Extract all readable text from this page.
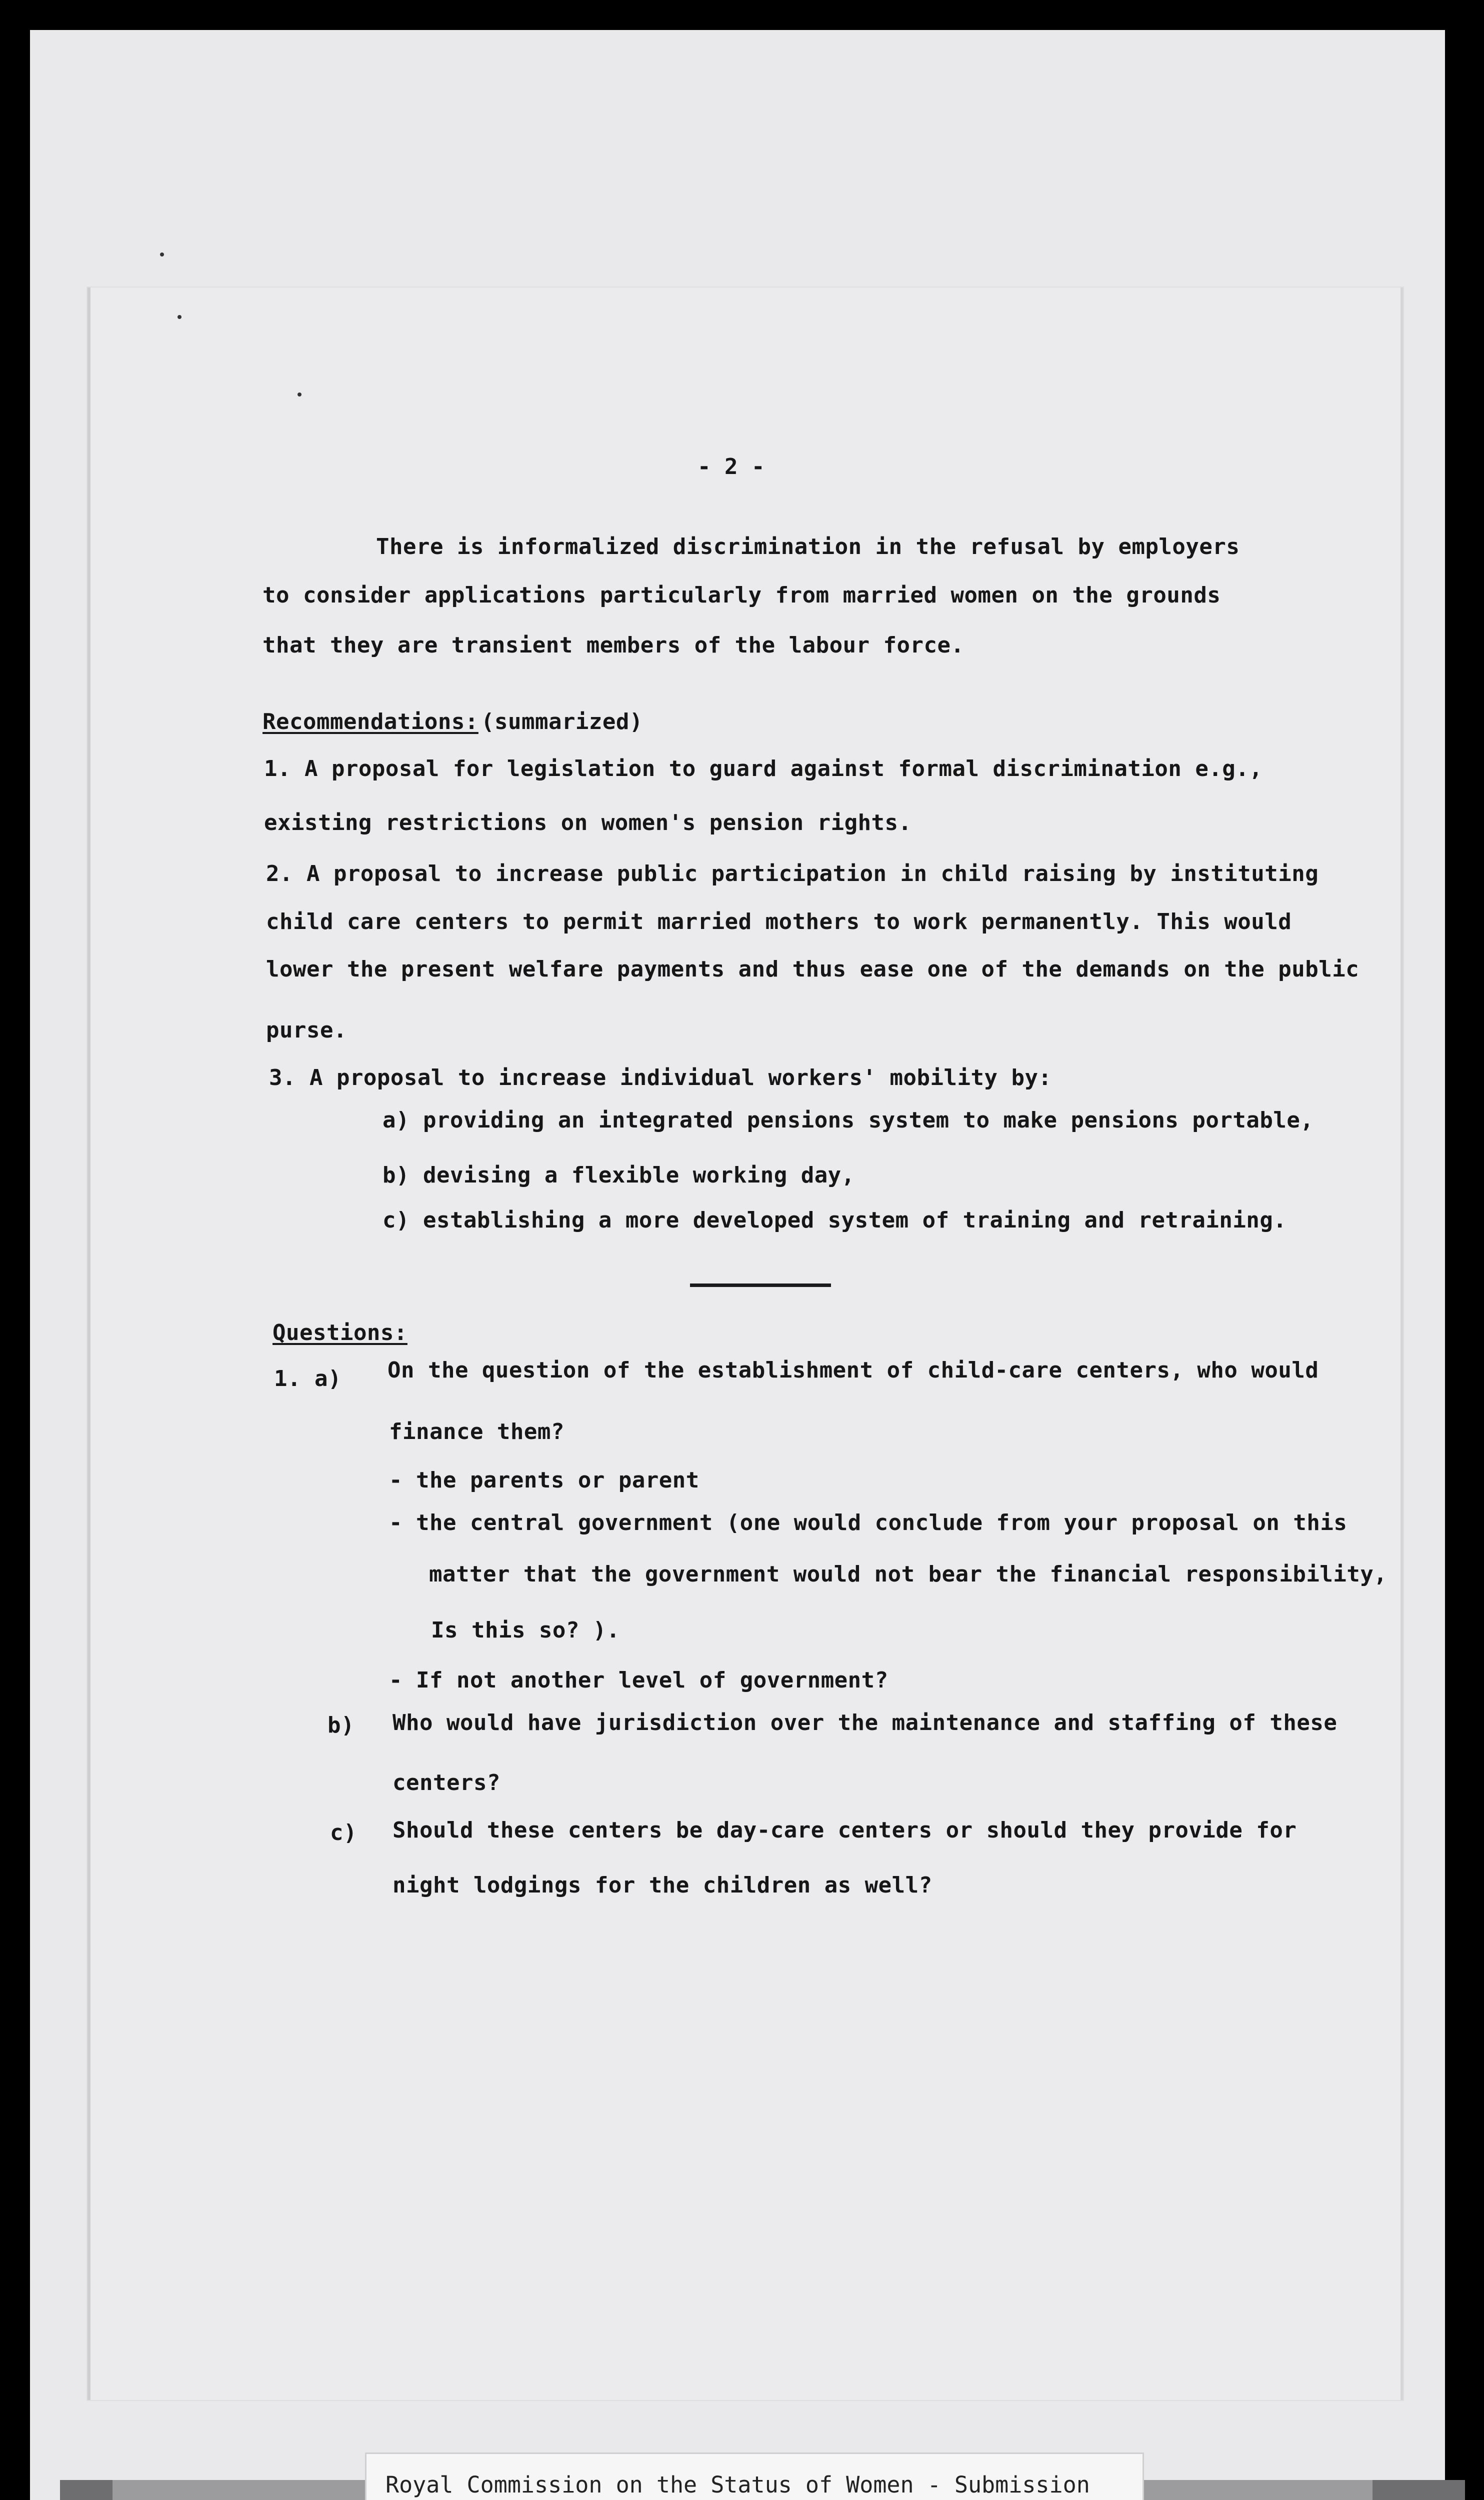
- 2 -
There is informalized discrimination in the refusal by employers
to consider applications particularly from married women on the grounds
that they are transient members of the labour force.
Recommendations: (summarized)
1. A proposal for legislation to guard against formal discrimination e.g.,
existing restrictions on women's pension rights.
2. A proposal to increase public participation in child raising by instituting
child care centers to permit married mothers to work permanently. This would
lower the present welfare payments and thus ease one of the demands on the public
purse.
3. A proposal to increase individual workers' mobility by:
a) providing an integrated pensions system to make pensions portable,
b) devising a flexible working day,
c) establishing a more developed system of training and retraining.
Questions:
1. a) On the question of the establishment of child-care centers, who would
finance them?
- the parents or parent
- the central government (one would conclude from your proposal on this
matter that the government would not bear the financial responsibility,
Is this so? ).
- If not another level of government?
b) Who would have jurisdiction over the maintenance and staffing of these
centers?
c) Should these centers be day-care centers or should they provide for
night lodgings for the children as well?
Royal Commission on the Status of Women - Submission
